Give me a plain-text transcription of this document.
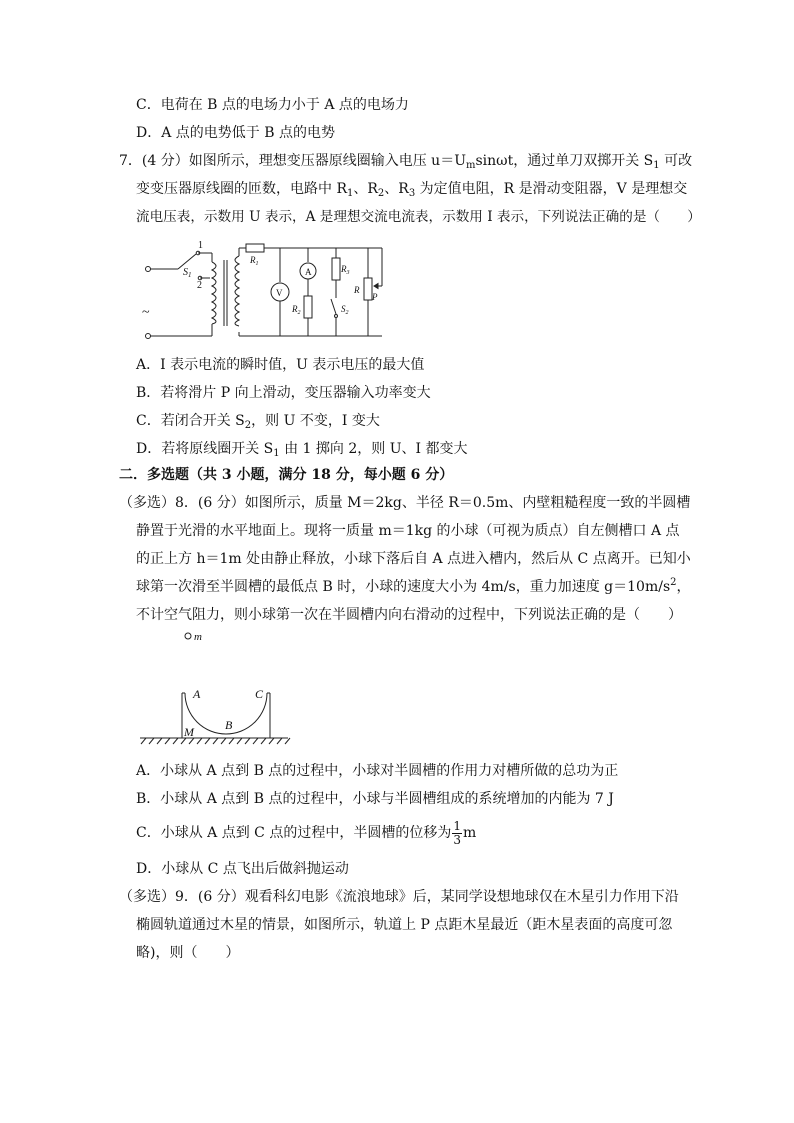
C．电荷在 B 点的电场力小于 A 点的电场力
D．A 点的电势低于 B 点的电势
7．(4 分）如图所示，理想变压器原线圈输入电压 $u=U_m\sin\omega t$，通过单刀双掷开关 $S_1$ 可改
变变压器原线圈的匝数，电路中 $R_1$、$R_2$、$R_3$ 为定值电阻，R 是滑动变阻器，V 是理想交
流电压表，示数用 U 表示，A 是理想交流电流表，示数用 I 表示，下列说法正确的是（　　）
1
2
$S_1$
~
$R_1$
V
A
$R_2$
$R_3$
$S_2$
R
P
A．I 表示电流的瞬时值，U 表示电压的最大值
B．若将滑片 P 向上滑动，变压器输入功率变大
C．若闭合开关 $S_2$，则 U 不变，I 变大
D．若将原线圈开关 $S_1$ 由 1 掷向 2，则 U、I 都变大
二．多选题（共 3 小题，满分 18 分，每小题 6 分）
（多选）8．(6 分）如图所示，质量 M＝2kg、半径 R＝0.5m、内壁粗糙程度一致的半圆槽
静置于光滑的水平地面上。现将一质量 m＝1kg 的小球（可视为质点）自左侧槽口 A 点
的正上方 h＝1m 处由静止释放，小球下落后自 A 点进入槽内，然后从 C 点离开。已知小
球第一次滑至半圆槽的最低点 B 时，小球的速度大小为 4m/s，重力加速度 $g=10m/s^2$，
不计空气阻力，则小球第一次在半圆槽内向右滑动的过程中，下列说法正确的是（　　）
m
A	C
B
M
A．小球从 A 点到 B 点的过程中，小球对半圆槽的作用力对槽所做的总功为正
B．小球从 A 点到 B 点的过程中，小球与半圆槽组成的系统增加的内能为 7 J
C．小球从 A 点到 C 点的过程中，半圆槽的位移为 $\frac{1}{3}$ m
D．小球从 C 点飞出后做斜抛运动
（多选）9．(6 分）观看科幻电影《流浪地球》后，某同学设想地球仅在木星引力作用下沿
椭圆轨道通过木星的情景，如图所示，轨道上 P 点距木星最近（距木星表面的高度可忽
略)，则（　　）
